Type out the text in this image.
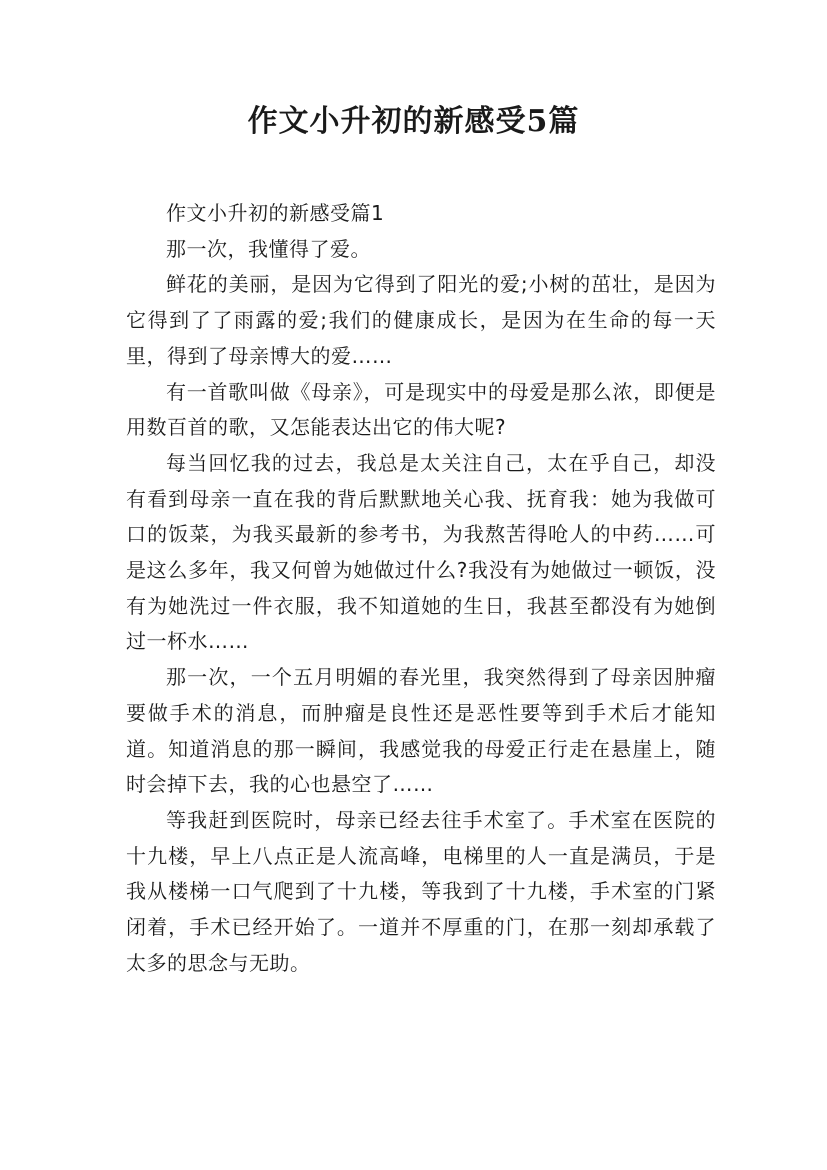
作文小升初的新感受5篇

作文小升初的新感受篇1

那一次，我懂得了爱。

鲜花的美丽，是因为它得到了阳光的爱;小树的茁壮，是因为它得到了了雨露的爱;我们的健康成长，是因为在生命的每一天里，得到了母亲博大的爱……

有一首歌叫做《母亲》，可是现实中的母爱是那么浓，即便是用数百首的歌，又怎能表达出它的伟大呢?

每当回忆我的过去，我总是太关注自己，太在乎自己，却没有看到母亲一直在我的背后默默地关心我、抚育我：她为我做可口的饭菜，为我买最新的参考书，为我熬苦得呛人的中药……可是这么多年，我又何曾为她做过什么?我没有为她做过一顿饭，没有为她洗过一件衣服，我不知道她的生日，我甚至都没有为她倒过一杯水……

那一次，一个五月明媚的春光里，我突然得到了母亲因肿瘤要做手术的消息，而肿瘤是良性还是恶性要等到手术后才能知道。知道消息的那一瞬间，我感觉我的母爱正行走在悬崖上，随时会掉下去，我的心也悬空了……

等我赶到医院时，母亲已经去往手术室了。手术室在医院的十九楼，早上八点正是人流高峰，电梯里的人一直是满员，于是我从楼梯一口气爬到了十九楼，等我到了十九楼，手术室的门紧闭着，手术已经开始了。一道并不厚重的门，在那一刻却承载了太多的思念与无助。
